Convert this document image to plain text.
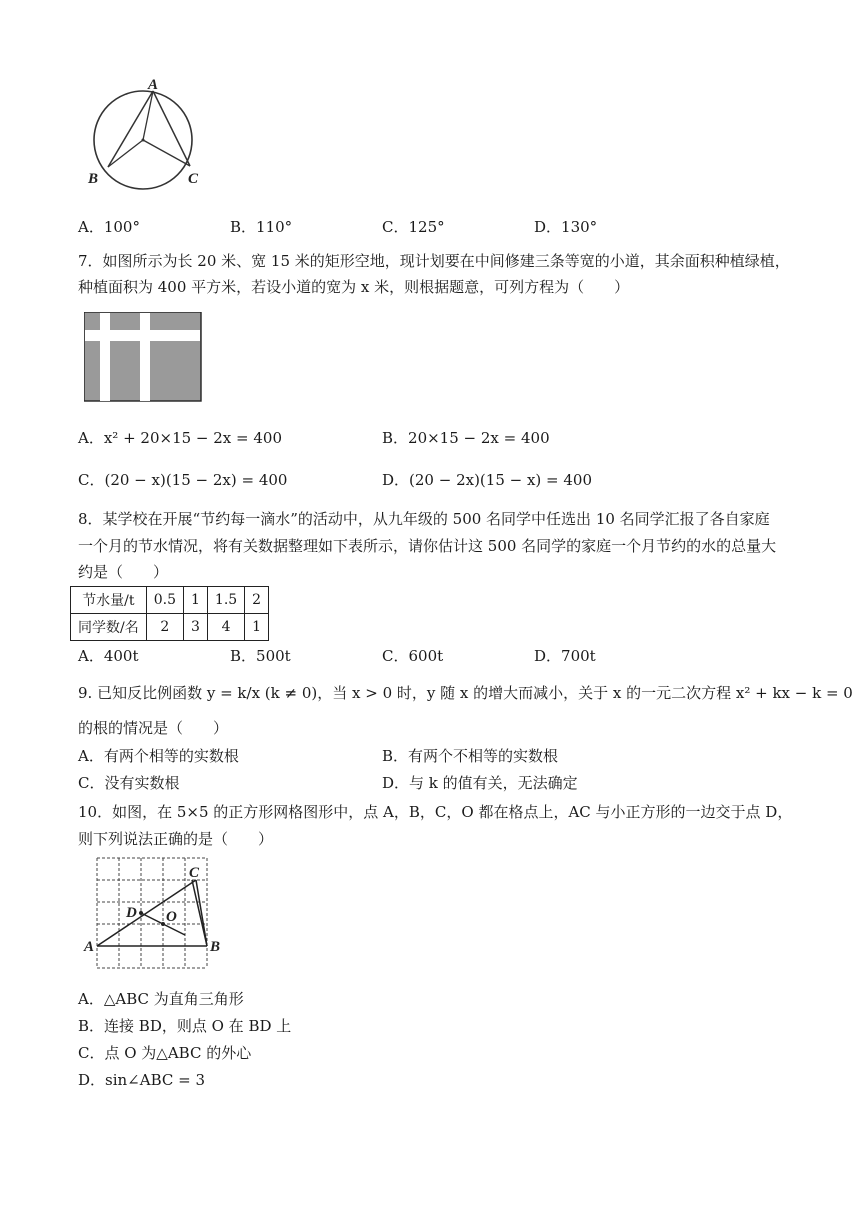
A
B	C
A．100°	B．110°	C．125°	D．130°
7．如图所示为长 20 米、宽 15 米的矩形空地，现计划要在中间修建三条等宽的小道，其余面积种植绿植，
种植面积为 400 平方米，若设小道的宽为 x 米，则根据题意，可列方程为（　　）
A．x² + 20×15 − 2x = 400	B．20×15 − 2x = 400
C．(20 − x)(15 − 2x) = 400	D．(20 − 2x)(15 − x) = 400
8．某学校在开展“节约每一滴水”的活动中，从九年级的 500 名同学中任选出 10 名同学汇报了各自家庭
一个月的节水情况，将有关数据整理如下表所示，请你估计这 500 名同学的家庭一个月节约的水的总量大
约是（　　）
节水量/t	0.5	1	1.5	2
同学数/名	2	3	4	1
A．400t	B．500t	C．600t	D．700t
9. 已知反比例函数 y = k/x (k ≠ 0)，当 x > 0 时，y 随 x 的增大而减小，关于 x 的一元二次方程 x² + kx − k = 0
的根的情况是（　　）
A．有两个相等的实数根	B．有两个不相等的实数根
C．没有实数根	D．与 k 的值有关，无法确定
10．如图，在 5×5 的正方形网格图形中，点 A，B，C，O 都在格点上，AC 与小正方形的一边交于点 D，
则下列说法正确的是（　　）
A	B
C
D O
A．△ABC 为直角三角形
B．连接 BD，则点 O 在 BD 上
C．点 O 为△ABC 的外心
D．sin∠ABC = 3
